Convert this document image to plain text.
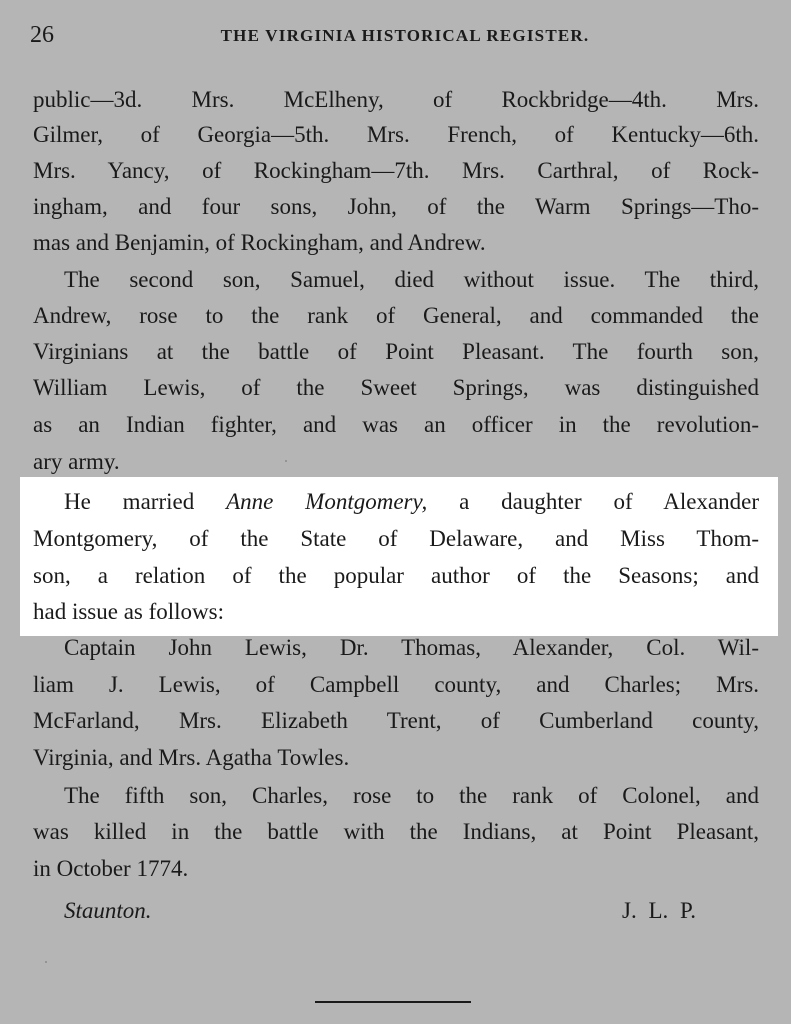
26	THE VIRGINIA HISTORICAL REGISTER.
public—3d. Mrs. McElheny, of Rockbridge—4th. Mrs.
Gilmer, of Georgia—5th. Mrs. French, of Kentucky—6th.
Mrs. Yancy, of Rockingham—7th. Mrs. Carthral, of Rock-
ingham, and four sons, John, of the Warm Springs—Tho-
mas and Benjamin, of Rockingham, and Andrew.
The second son, Samuel, died without issue. The third,
Andrew, rose to the rank of General, and commanded the
Virginians at the battle of Point Pleasant. The fourth son,
William Lewis, of the Sweet Springs, was distinguished
as an Indian fighter, and was an officer in the revolution-
ary army.
He married Anne Montgomery, a daughter of Alexander
Montgomery, of the State of Delaware, and Miss Thom-
son, a relation of the popular author of the Seasons; and
had issue as follows:
Captain John Lewis, Dr. Thomas, Alexander, Col. Wil-
liam J. Lewis, of Campbell county, and Charles; Mrs.
McFarland, Mrs. Elizabeth Trent, of Cumberland county,
Virginia, and Mrs. Agatha Towles.
The fifth son, Charles, rose to the rank of Colonel, and
was killed in the battle with the Indians, at Point Pleasant,
in October 1774.
Staunton.	J. L. P.
